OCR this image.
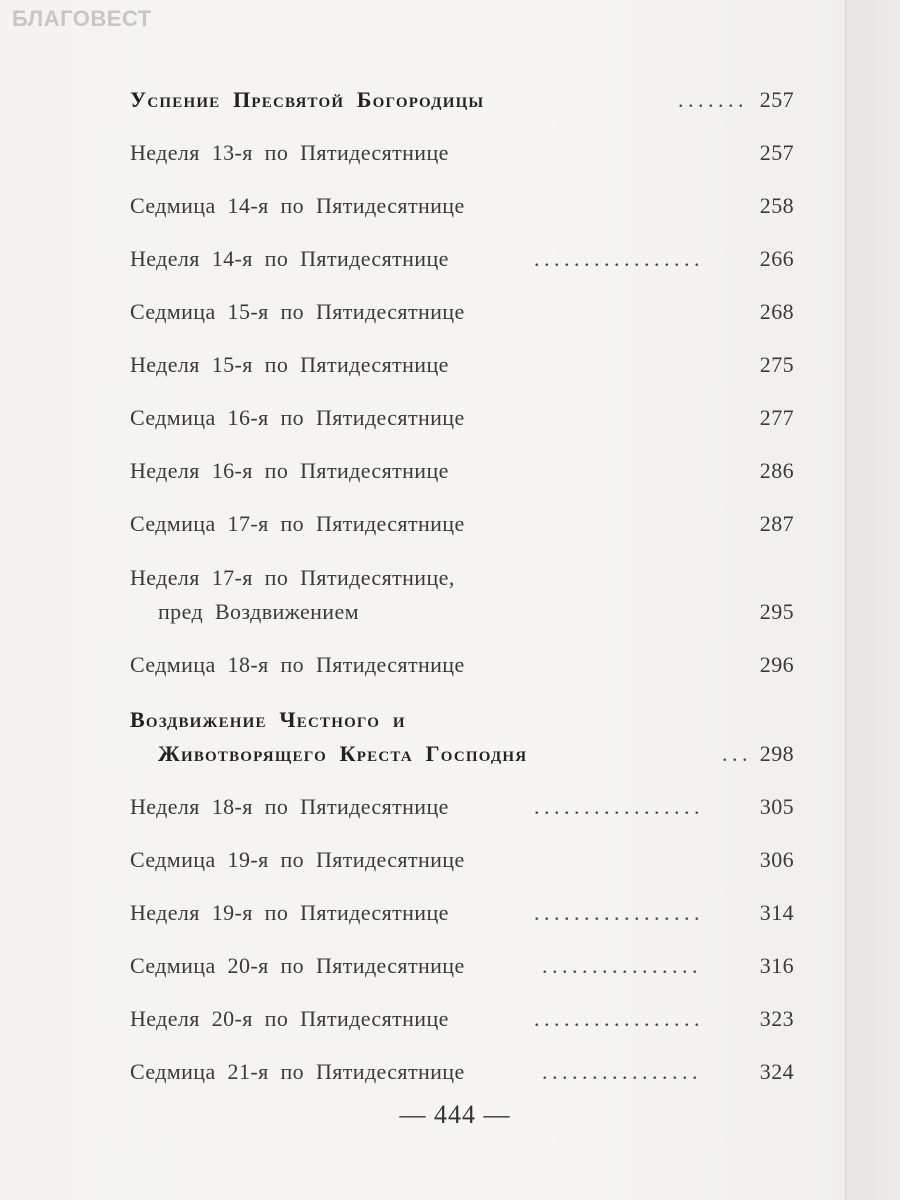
БЛАГОВЕСТ
Успение Пресвятой Богородицы	....... 257
Неделя 13-я по Пятидесятнице	257
Седмица 14-я по Пятидесятнице	258
Неделя 14-я по Пятидесятнице	.................	266
Седмица 15-я по Пятидесятнице	268
Неделя 15-я по Пятидесятнице	275
Седмица 16-я по Пятидесятнице	277
Неделя 16-я по Пятидесятнице	286
Седмица 17-я по Пятидесятнице	287
Неделя 17-я по Пятидесятнице,
пред Воздвижением	295
Седмица 18-я по Пятидесятнице	296
Воздвижение Честного и
Животворящего Креста Господня	... 298
Неделя 18-я по Пятидесятнице	.................	305
Седмица 19-я по Пятидесятнице	306
Неделя 19-я по Пятидесятнице	.................	314
Седмица 20-я по Пятидесятнице	................	316
Неделя 20-я по Пятидесятнице	.................	323
Седмица 21-я по Пятидесятнице	................	324
— 444 —
